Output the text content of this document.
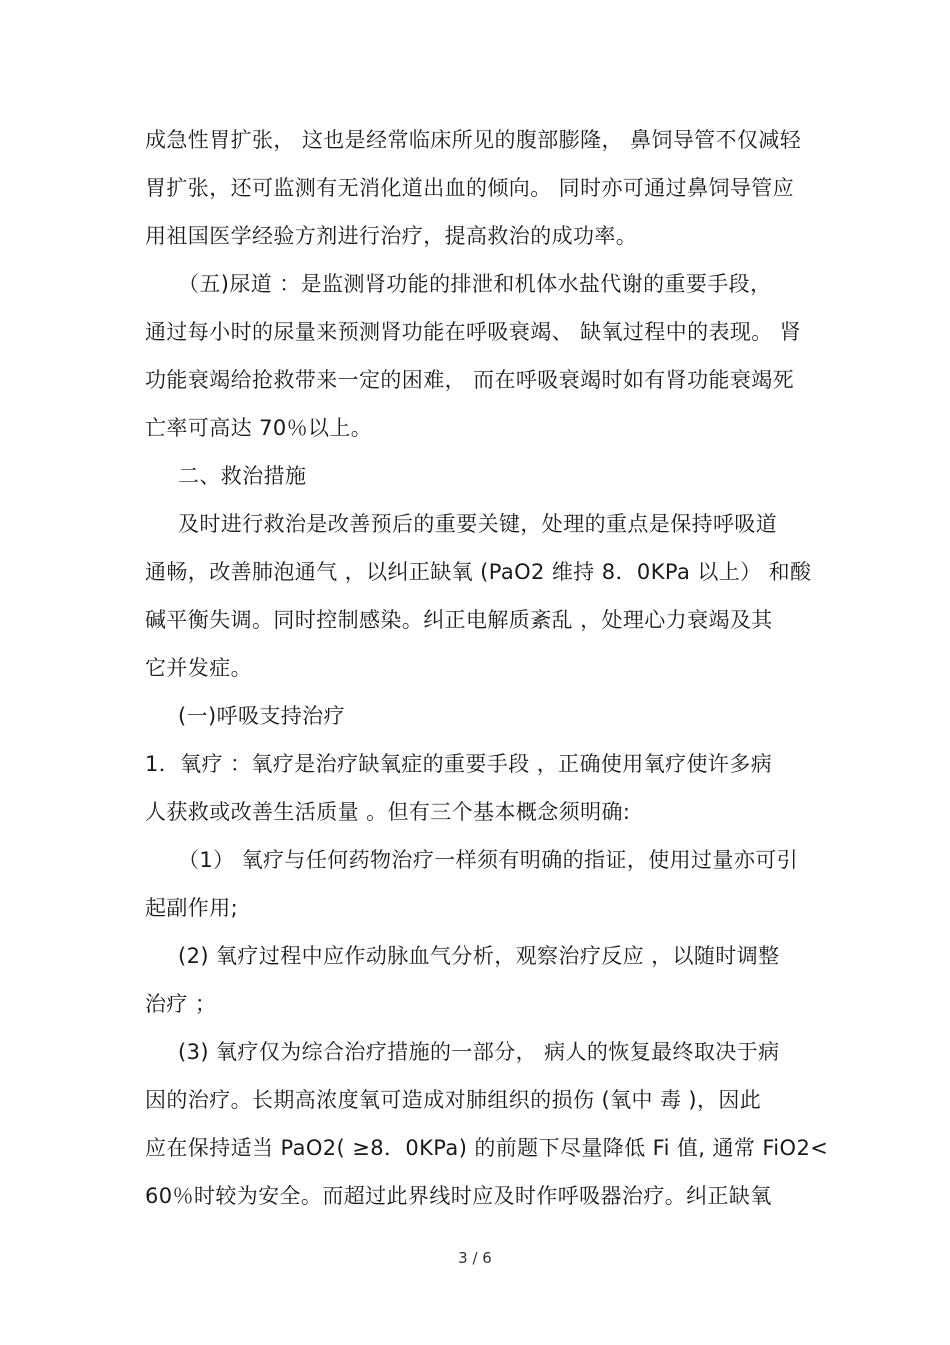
成急性胃扩张， 这也是经常临床所见的腹部膨隆， 鼻饲导管不仅减轻
胃扩张，还可监测有无消化道出血的倾向。 同时亦可通过鼻饲导管应
用祖国医学经验方剂进行治疗，提高救治的成功率。
（五)尿道 ：是监测肾功能的排泄和机体水盐代谢的重要手段，
通过每小时的尿量来预测肾功能在呼吸衰竭、 缺氧过程中的表现。 肾
功能衰竭给抢救带来一定的困难， 而在呼吸衰竭时如有肾功能衰竭死
亡率可高达 70％以上。
二、救治措施
及时进行救治是改善预后的重要关键，处理的重点是保持呼吸道
通畅，改善肺泡通气 ，以纠正缺氧 (PaO2 维持 8．0KPa 以上） 和酸
碱平衡失调。同时控制感染。纠正电解质紊乱 ，处理心力衰竭及其
它并发症。
(一)呼吸支持治疗
1．氧疗 ：氧疗是治疗缺氧症的重要手段 ，正确使用氧疗使许多病
人获救或改善生活质量 。但有三个基本概念须明确:
（1） 氧疗与任何药物治疗一样须有明确的指证，使用过量亦可引
起副作用;
(2) 氧疗过程中应作动脉血气分析，观察治疗反应 ，以随时调整
治疗 ；
(3) 氧疗仅为综合治疗措施的一部分， 病人的恢复最终取决于病
因的治疗。长期高浓度氧可造成对肺组织的损伤 (氧中 毒 )，因此
应在保持适当 PaO2( ≥8．0KPa) 的前题下尽量降低 Fi 值, 通常 FiO2<
60％时较为安全。而超过此界线时应及时作呼吸器治疗。纠正缺氧
3 / 6
